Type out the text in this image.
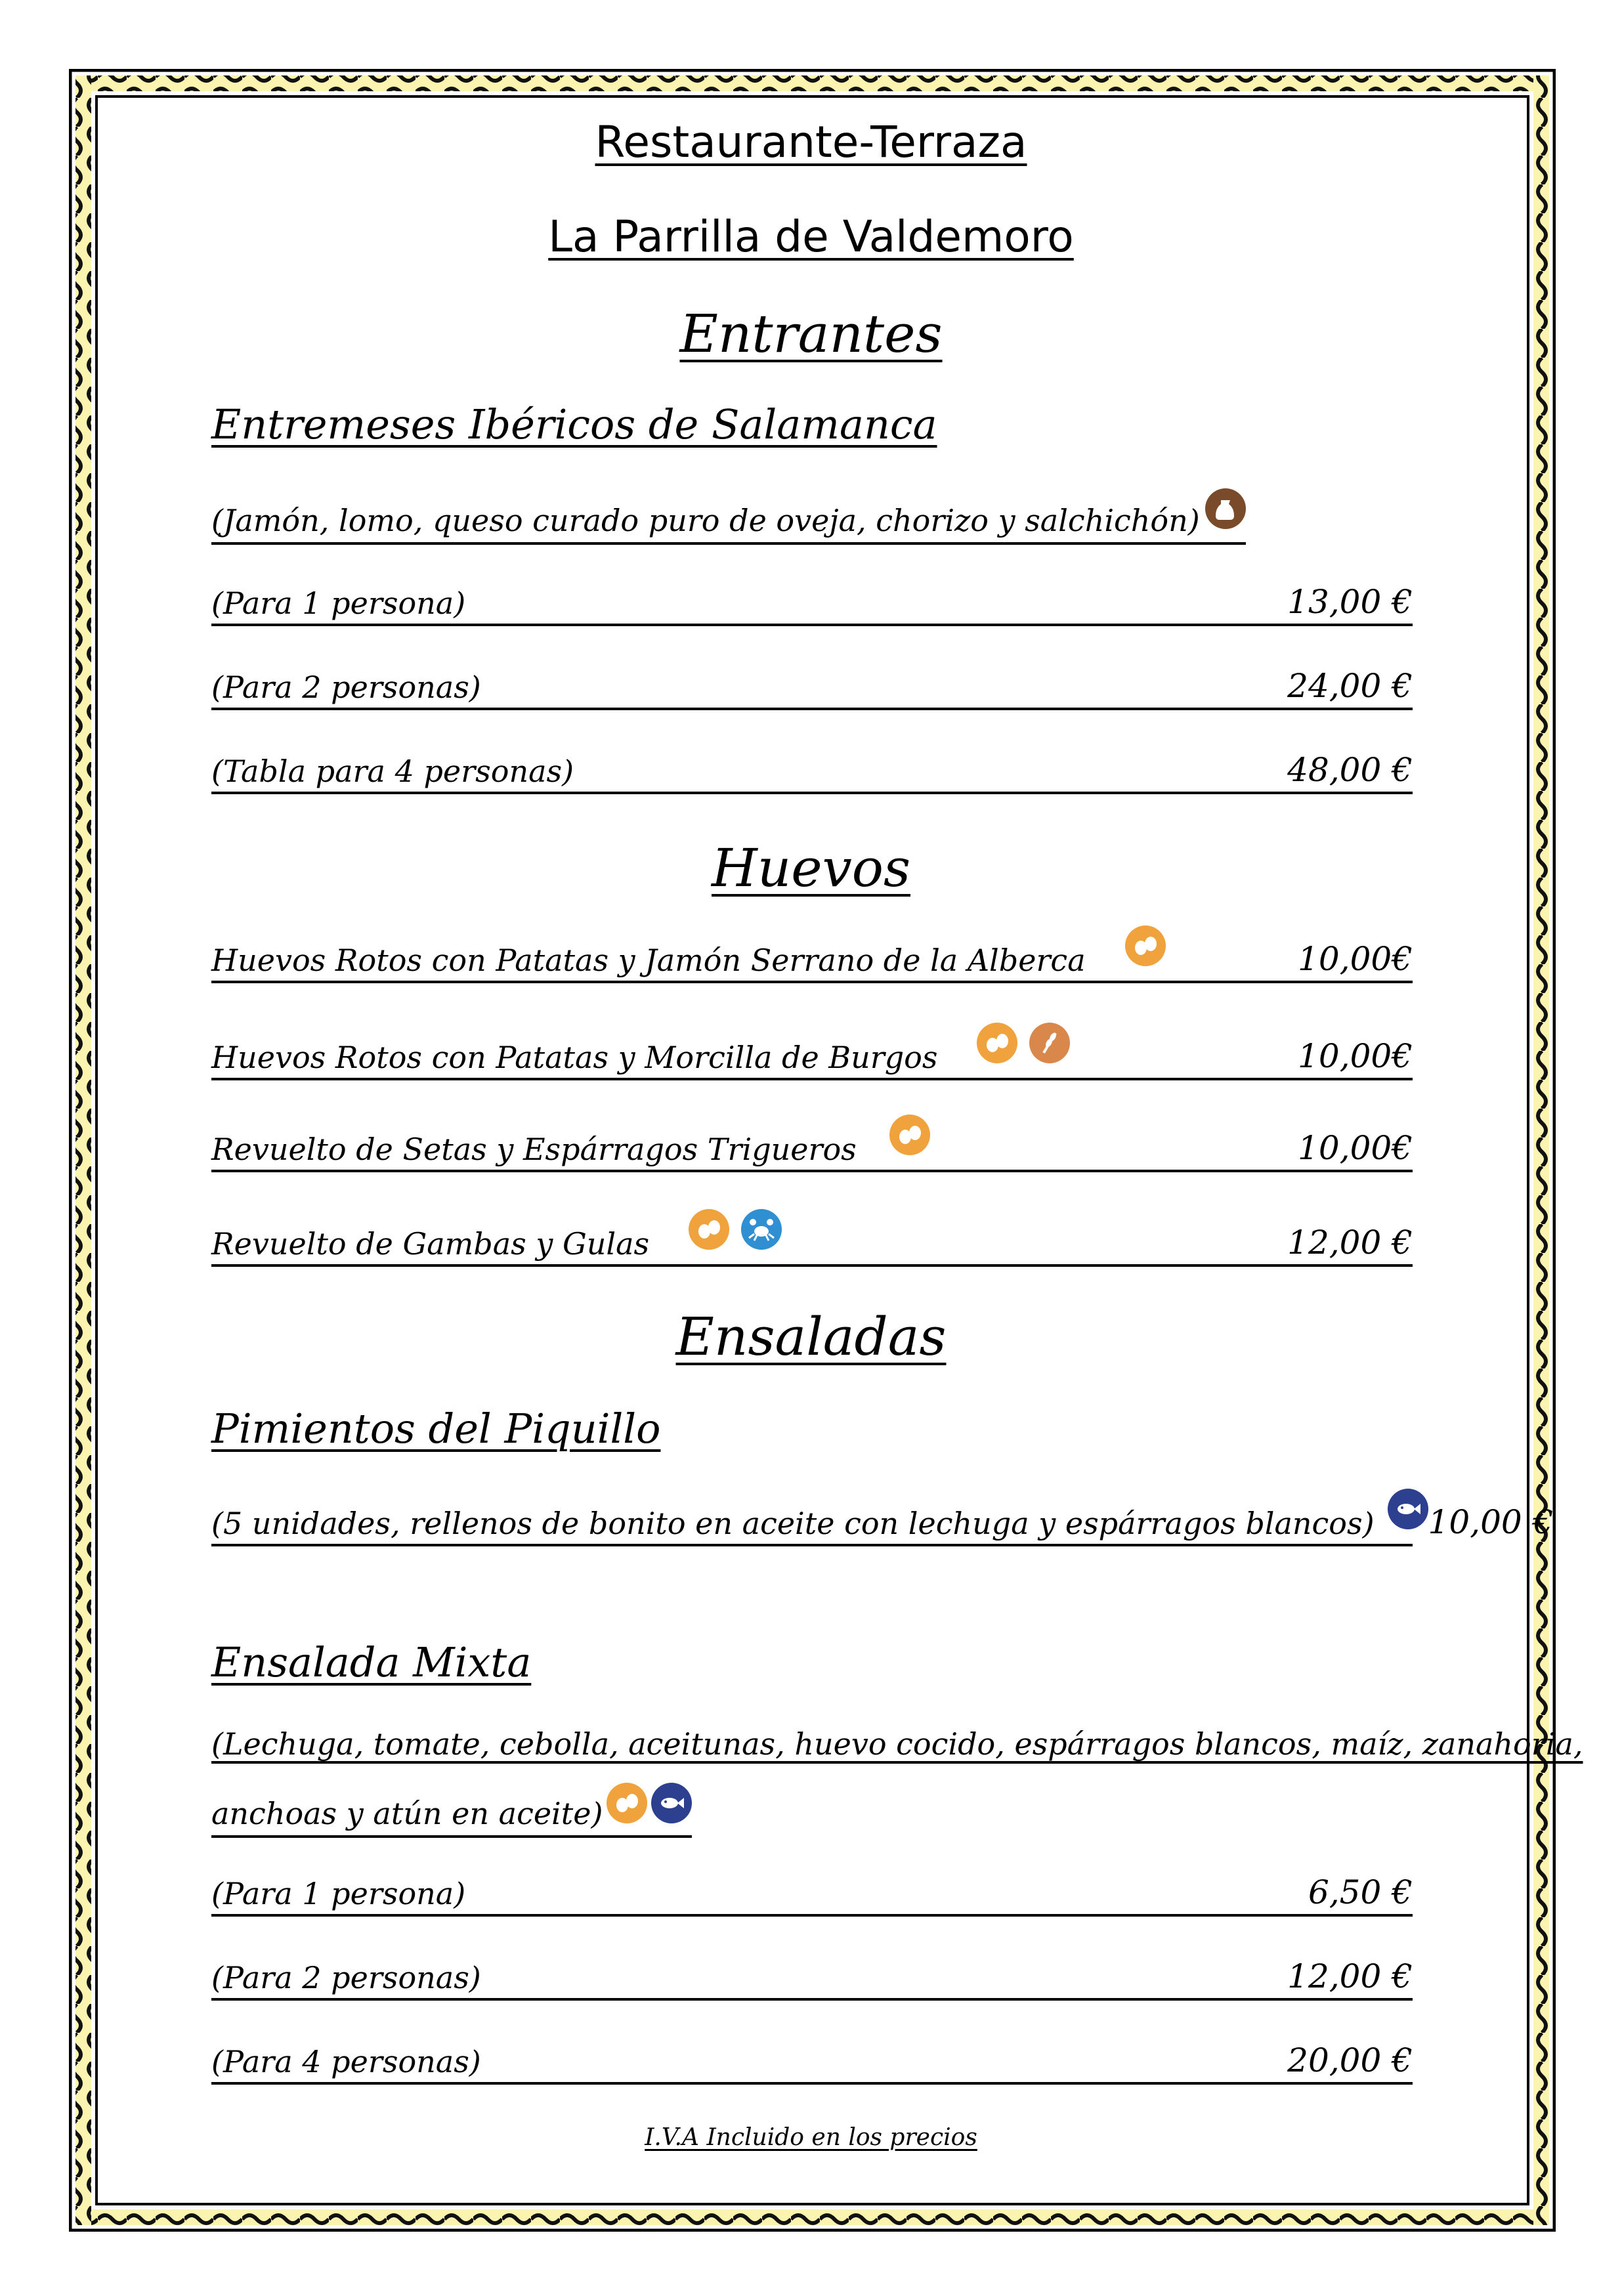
Restaurante-Terraza
La Parrilla de Valdemoro
Entrantes
Entremeses Ibéricos de Salamanca
(Jamón, lomo, queso curado puro de oveja, chorizo y salchichón)
(Para 1 persona)	13,00 €
(Para 2 personas)	24,00 €
(Tabla para 4 personas)	48,00 €
Huevos
Huevos Rotos con Patatas y Jamón Serrano de la Alberca	10,00€
Huevos Rotos con Patatas y Morcilla de Burgos	10,00€
Revuelto de Setas y Espárragos Trigueros	10,00€
Revuelto de Gambas y Gulas	12,00 €
Ensaladas
Pimientos del Piquillo
(5 unidades, rellenos de bonito en aceite con lechuga y espárragos blancos) 10,00 €
Ensalada Mixta
(Lechuga, tomate, cebolla, aceitunas, huevo cocido, espárragos blancos, maíz, zanahoria,
anchoas y atún en aceite)
(Para 1 persona)	6,50 €
(Para 2 personas)	12,00 €
(Para 4 personas)	20,00 €
I.V.A Incluido en los precios
